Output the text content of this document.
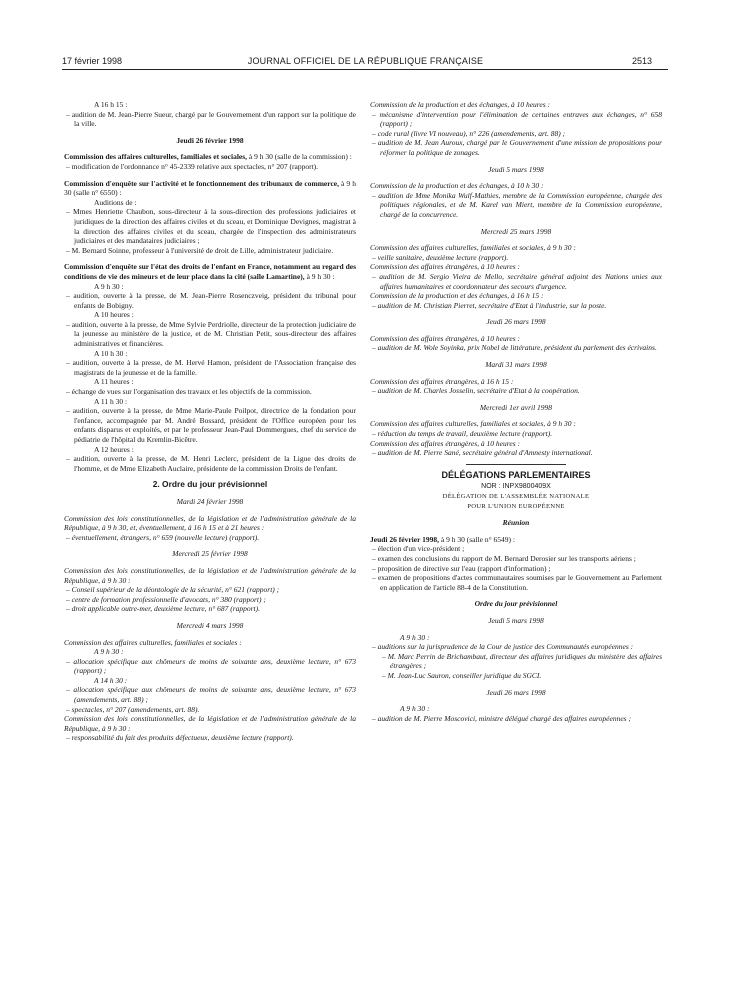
17 février 1998	JOURNAL OFFICIEL DE LA RÉPUBLIQUE FRANÇAISE	2513

A 16 h 15 :

– audition de M. Jean-Pierre Sueur, chargé par le Gouvernement d'un rapport sur la politique de la ville.

Jeudi 26 février 1998

Commission des affaires culturelles, familiales et sociales, à 9 h 30 (salle de la commission) :

– modification de l'ordonnance n° 45-2339 relative aux spectacles, n° 207 (rapport).

Commission d'enquête sur l'activité et le fonctionnement des tribunaux de commerce, à 9 h 30 (salle n° 6550) :

Auditions de :

– Mmes Henriette Chaubon, sous-directeur à la sous-direction des professions judiciaires et juridiques de la direction des affaires civiles et du sceau, et Dominique Devignes, magistrat à la direction des affaires civiles et du sceau, chargée de l'inspection des administrateurs judiciaires et des mandataires judiciaires ;

– M. Bernard Soinne, professeur à l'université de droit de Lille, administrateur judiciaire.

Commission d'enquête sur l'état des droits de l'enfant en France, notamment au regard des conditions de vie des mineurs et de leur place dans la cité (salle Lamartine), à 9 h 30 :

A 9 h 30 :

– audition, ouverte à la presse, de M. Jean-Pierre Rosenczveig, président du tribunal pour enfants de Bobigny.

A 10 heures :

– audition, ouverte à la presse, de Mme Sylvie Perdriolle, directeur de la protection judiciaire de la jeunesse au ministère de la justice, et de M. Christian Petit, sous-directeur des affaires administratives et financières.

A 10 h 30 :

– audition, ouverte à la presse, de M. Hervé Hamon, président de l'Association française des magistrats de la jeunesse et de la famille.

A 11 heures :

– échange de vues sur l'organisation des travaux et les objectifs de la commission.

A 11 h 30 :

– audition, ouverte à la presse, de Mme Marie-Paule Poilpot, directrice de la fondation pour l'enfance, accompagnée par M. André Bossard, président de l'Office européen pour les enfants disparus et exploités, et par le professeur Jean-Paul Dommergues, chef du service de pédiatrie de l'hôpital du Kremlin-Bicêtre.

A 12 heures :

– audition, ouverte à la presse, de M. Henri Leclerc, président de la Ligue des droits de l'homme, et de Mme Elizabeth Auclaire, présidente de la commission Droits de l'enfant.

2. Ordre du jour prévisionnel

Mardi 24 février 1998

Commission des lois constitutionnelles, de la législation et de l'administration générale de la République, à 9 h 30, et, éventuellement, à 16 h 15 et à 21 heures :

– éventuellement, étrangers, n° 659 (nouvelle lecture) (rapport).

Mercredi 25 février 1998

Commission des lois constitutionnelles, de la législation et de l'administration générale de la République, à 9 h 30 :

– Conseil supérieur de la déontologie de la sécurité, n° 621 (rapport) ;

– centre de formation professionnelle d'avocats, n° 380 (rapport) ;

– droit applicable outre-mer, deuxième lecture, n° 687 (rapport).

Mercredi 4 mars 1998

Commission des affaires culturelles, familiales et sociales :

A 9 h 30 :

– allocation spécifique aux chômeurs de moins de soixante ans, deuxième lecture, n° 673 (rapport) ;

A 14 h 30 :

– allocation spécifique aux chômeurs de moins de soixante ans, deuxième lecture, n° 673 (amendements, art. 88) ;

– spectacles, n° 207 (amendements, art. 88).

Commission des lois constitutionnelles, de la législation et de l'administration générale de la République, à 9 h 30 :

– responsabilité du fait des produits défectueux, deuxième lecture (rapport).

Commission de la production et des échanges, à 10 heures :

– mécanisme d'intervention pour l'élimination de certaines entraves aux échanges, n° 658 (rapport) ;

– code rural (livre VI nouveau), n° 226 (amendements, art. 88) ;

– audition de M. Jean Auroux, chargé par le Gouvernement d'une mission de propositions pour réformer la politique de zonages.

Jeudi 5 mars 1998

Commission de la production et des échanges, à 10 h 30 :

– audition de Mme Monika Wulf-Mathies, membre de la Commission européenne, chargée des politiques régionales, et de M. Karel van Miert, membre de la Commission européenne, chargé de la concurrence.

Mercredi 25 mars 1998

Commission des affaires culturelles, familiales et sociales, à 9 h 30 :

– veille sanitaire, deuxième lecture (rapport).

Commission des affaires étrangères, à 10 heures :

– audition de M. Sergio Vieira de Mello, secrétaire général adjoint des Nations unies aux affaires humanitaires et coordonnateur des secours d'urgence.

Commission de la production et des échanges, à 16 h 15 :

– audition de M. Christian Pierret, secrétaire d'Etat à l'industrie, sur la poste.

Jeudi 26 mars 1998

Commission des affaires étrangères, à 10 heures :

– audition de M. Wole Soyinka, prix Nobel de littérature, président du parlement des écrivains.

Mardi 31 mars 1998

Commission des affaires étrangères, à 16 h 15 :

– audition de M. Charles Josselin, secrétaire d'Etat à la coopération.

Mercredi 1er avril 1998

Commission des affaires culturelles, familiales et sociales, à 9 h 30 :

– réduction du temps de travail, deuxième lecture (rapport).

Commission des affaires étrangères, à 10 heures :

– audition de M. Pierre Sané, secrétaire général d'Amnesty international.

DÉLÉGATIONS PARLEMENTAIRES

NOR : INPX9800409X

DÉLÉGATION DE L'ASSEMBLÉE NATIONALE

POUR L'UNION EUROPÉENNE

Réunion

Jeudi 26 février 1998, à 9 h 30 (salle n° 6549) :

– élection d'un vice-président ;

– examen des conclusions du rapport de M. Bernard Derosier sur les transports aériens ;

– proposition de directive sur l'eau (rapport d'information) ;

– examen de propositions d'actes communautaires soumises par le Gouvernement au Parlement en application de l'article 88-4 de la Constitution.

Ordre du jour prévisionnel

Jeudi 5 mars 1998

A 9 h 30 :

– auditions sur la jurisprudence de la Cour de justice des Communautés européennes :

– M. Marc Perrin de Brichambaut, directeur des affaires juridiques du ministère des affaires étrangères ;

– M. Jean-Luc Sauron, conseiller juridique du SGCI.

Jeudi 26 mars 1998

A 9 h 30 :

– audition de M. Pierre Moscovici, ministre délégué chargé des affaires européennes ;
